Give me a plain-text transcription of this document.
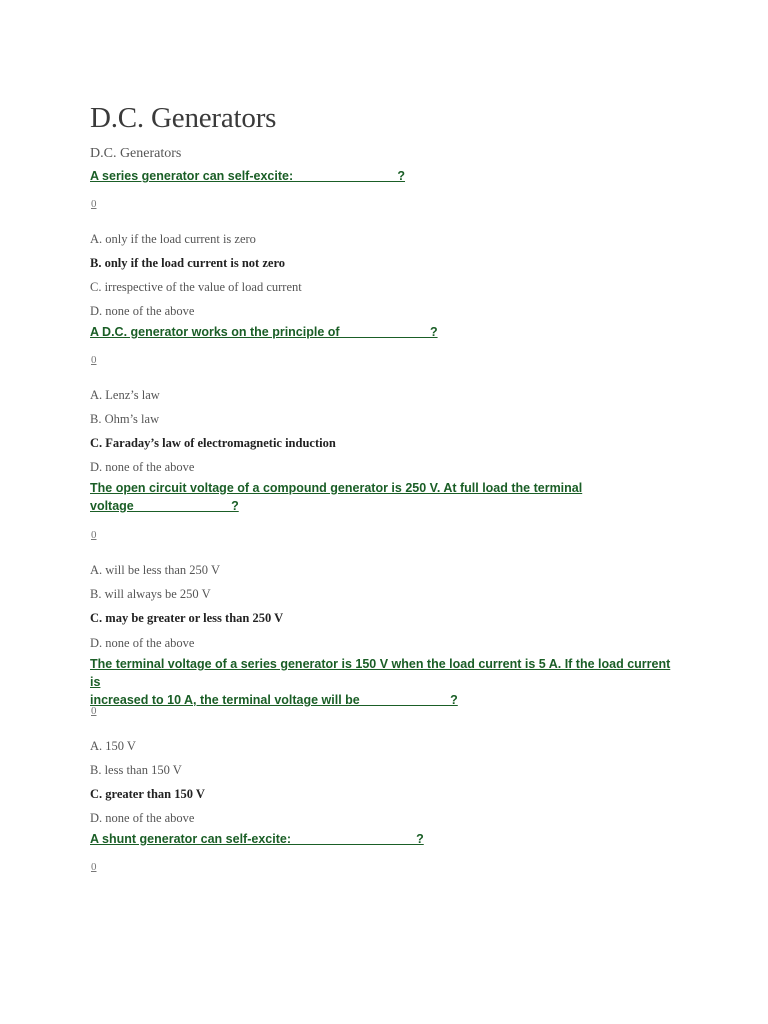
D.C. Generators
D.C. Generators
A series generator can self-excite:_______________?
0
A. only if the load current is zero
B. only if the load current is not zero
C. irrespective of the value of load current
D. none of the above
A D.C. generator works on the principle of_____________?
0
A. Lenz’s law
B. Ohm’s law
C. Faraday’s law of electromagnetic induction
D. none of the above
The open circuit voltage of a compound generator is 250 V. At full load the terminal
voltage______________?
0
A. will be less than 250 V
B. will always be 250 V
C. may be greater or less than 250 V
D. none of the above
The terminal voltage of a series generator is 150 V when the load current is 5 A. If the load current is
increased to 10 A, the terminal voltage will be_____________?
0
A. 150 V
B. less than 150 V
C. greater than 150 V
D. none of the above
A shunt generator can self-excite:__________________?
0
